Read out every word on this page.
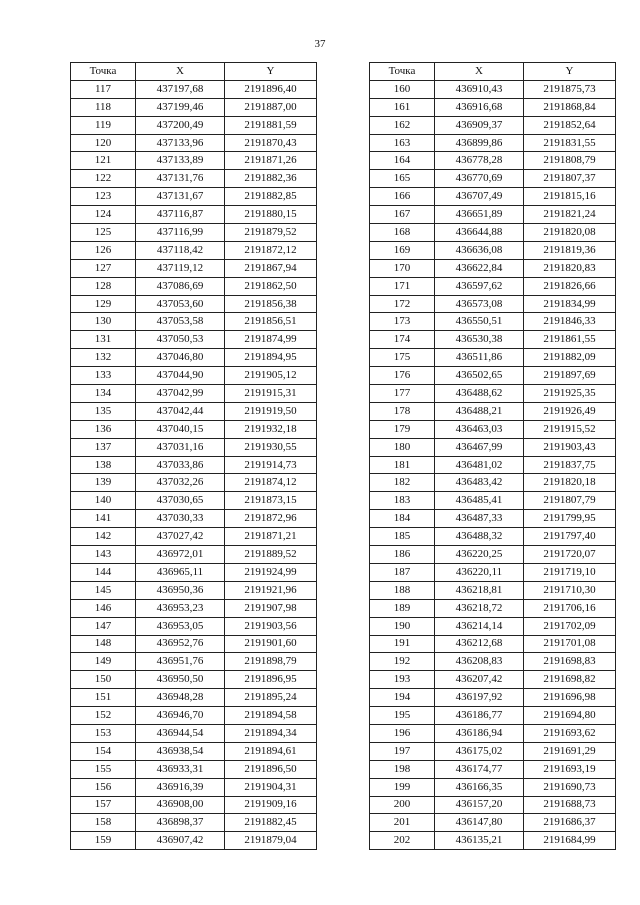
37
Точка	X	Y
117	437197,68	2191896,40
118	437199,46	2191887,00
119	437200,49	2191881,59
120	437133,96	2191870,43
121	437133,89	2191871,26
122	437131,76	2191882,36
123	437131,67	2191882,85
124	437116,87	2191880,15
125	437116,99	2191879,52
126	437118,42	2191872,12
127	437119,12	2191867,94
128	437086,69	2191862,50
129	437053,60	2191856,38
130	437053,58	2191856,51
131	437050,53	2191874,99
132	437046,80	2191894,95
133	437044,90	2191905,12
134	437042,99	2191915,31
135	437042,44	2191919,50
136	437040,15	2191932,18
137	437031,16	2191930,55
138	437033,86	2191914,73
139	437032,26	2191874,12
140	437030,65	2191873,15
141	437030,33	2191872,96
142	437027,42	2191871,21
143	436972,01	2191889,52
144	436965,11	2191924,99
145	436950,36	2191921,96
146	436953,23	2191907,98
147	436953,05	2191903,56
148	436952,76	2191901,60
149	436951,76	2191898,79
150	436950,50	2191896,95
151	436948,28	2191895,24
152	436946,70	2191894,58
153	436944,54	2191894,34
154	436938,54	2191894,61
155	436933,31	2191896,50
156	436916,39	2191904,31
157	436908,00	2191909,16
158	436898,37	2191882,45
159	436907,42	2191879,04
Точка	X	Y
160	436910,43	2191875,73
161	436916,68	2191868,84
162	436909,37	2191852,64
163	436899,86	2191831,55
164	436778,28	2191808,79
165	436770,69	2191807,37
166	436707,49	2191815,16
167	436651,89	2191821,24
168	436644,88	2191820,08
169	436636,08	2191819,36
170	436622,84	2191820,83
171	436597,62	2191826,66
172	436573,08	2191834,99
173	436550,51	2191846,33
174	436530,38	2191861,55
175	436511,86	2191882,09
176	436502,65	2191897,69
177	436488,62	2191925,35
178	436488,21	2191926,49
179	436463,03	2191915,52
180	436467,99	2191903,43
181	436481,02	2191837,75
182	436483,42	2191820,18
183	436485,41	2191807,79
184	436487,33	2191799,95
185	436488,32	2191797,40
186	436220,25	2191720,07
187	436220,11	2191719,10
188	436218,81	2191710,30
189	436218,72	2191706,16
190	436214,14	2191702,09
191	436212,68	2191701,08
192	436208,83	2191698,83
193	436207,42	2191698,82
194	436197,92	2191696,98
195	436186,77	2191694,80
196	436186,94	2191693,62
197	436175,02	2191691,29
198	436174,77	2191693,19
199	436166,35	2191690,73
200	436157,20	2191688,73
201	436147,80	2191686,37
202	436135,21	2191684,99
